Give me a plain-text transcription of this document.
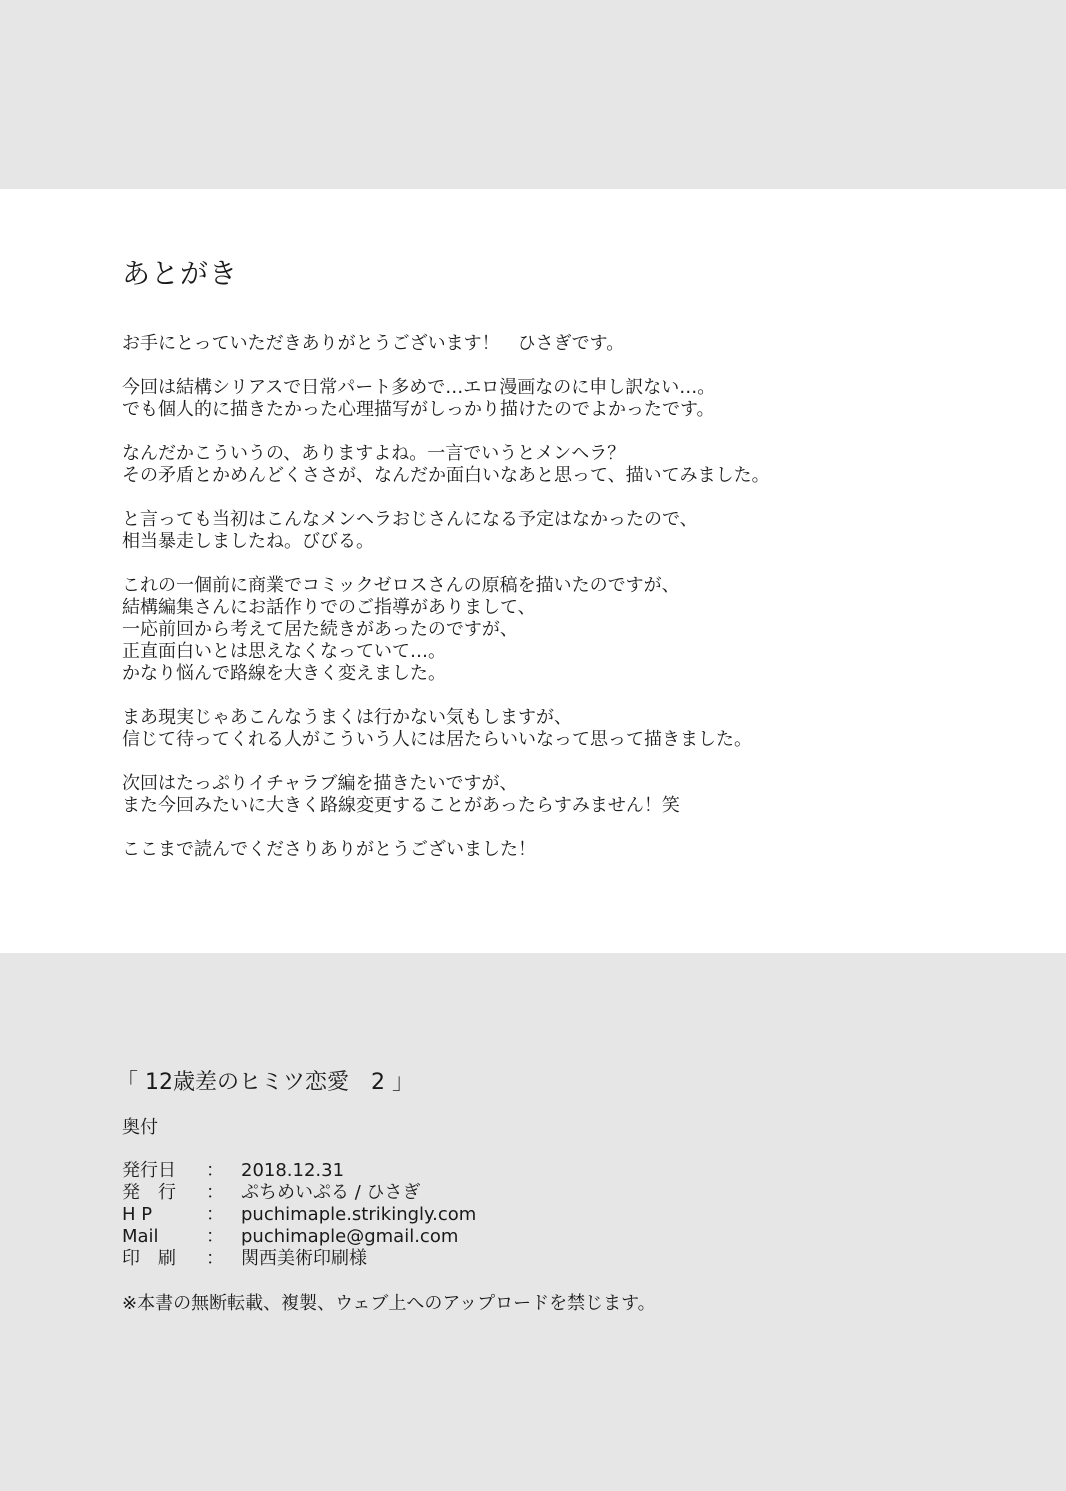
あとがき
お手にとっていただきありがとうございます！　ひさぎです。
今回は結構シリアスで日常パート多めで…エロ漫画なのに申し訳ない…。
でも個人的に描きたかった心理描写がしっかり描けたのでよかったです。
なんだかこういうの、ありますよね。一言でいうとメンヘラ？
その矛盾とかめんどくささが、なんだか面白いなあと思って、描いてみました。
と言っても当初はこんなメンヘラおじさんになる予定はなかったので、
相当暴走しましたね。びびる。
これの一個前に商業でコミックゼロスさんの原稿を描いたのですが、
結構編集さんにお話作りでのご指導がありまして、
一応前回から考えて居た続きがあったのですが、
正直面白いとは思えなくなっていて…。
かなり悩んで路線を大きく変えました。
まあ現実じゃあこんなうまくは行かない気もしますが、
信じて待ってくれる人がこういう人には居たらいいなって思って描きました。
次回はたっぷりイチャラブ編を描きたいですが、
また今回みたいに大きく路線変更することがあったらすみません！笑
ここまで読んでくださりありがとうございました！
「 12歳差のヒミツ恋愛　2 」
奥付
発行日	： 2018.12.31
発　行	： ぷちめいぷる / ひさぎ
H P	： puchimaple.strikingly.com
Mail	： puchimaple@gmail.com
印　刷	： 関西美術印刷様
※本書の無断転載、複製、ウェブ上へのアップロードを禁じます。
